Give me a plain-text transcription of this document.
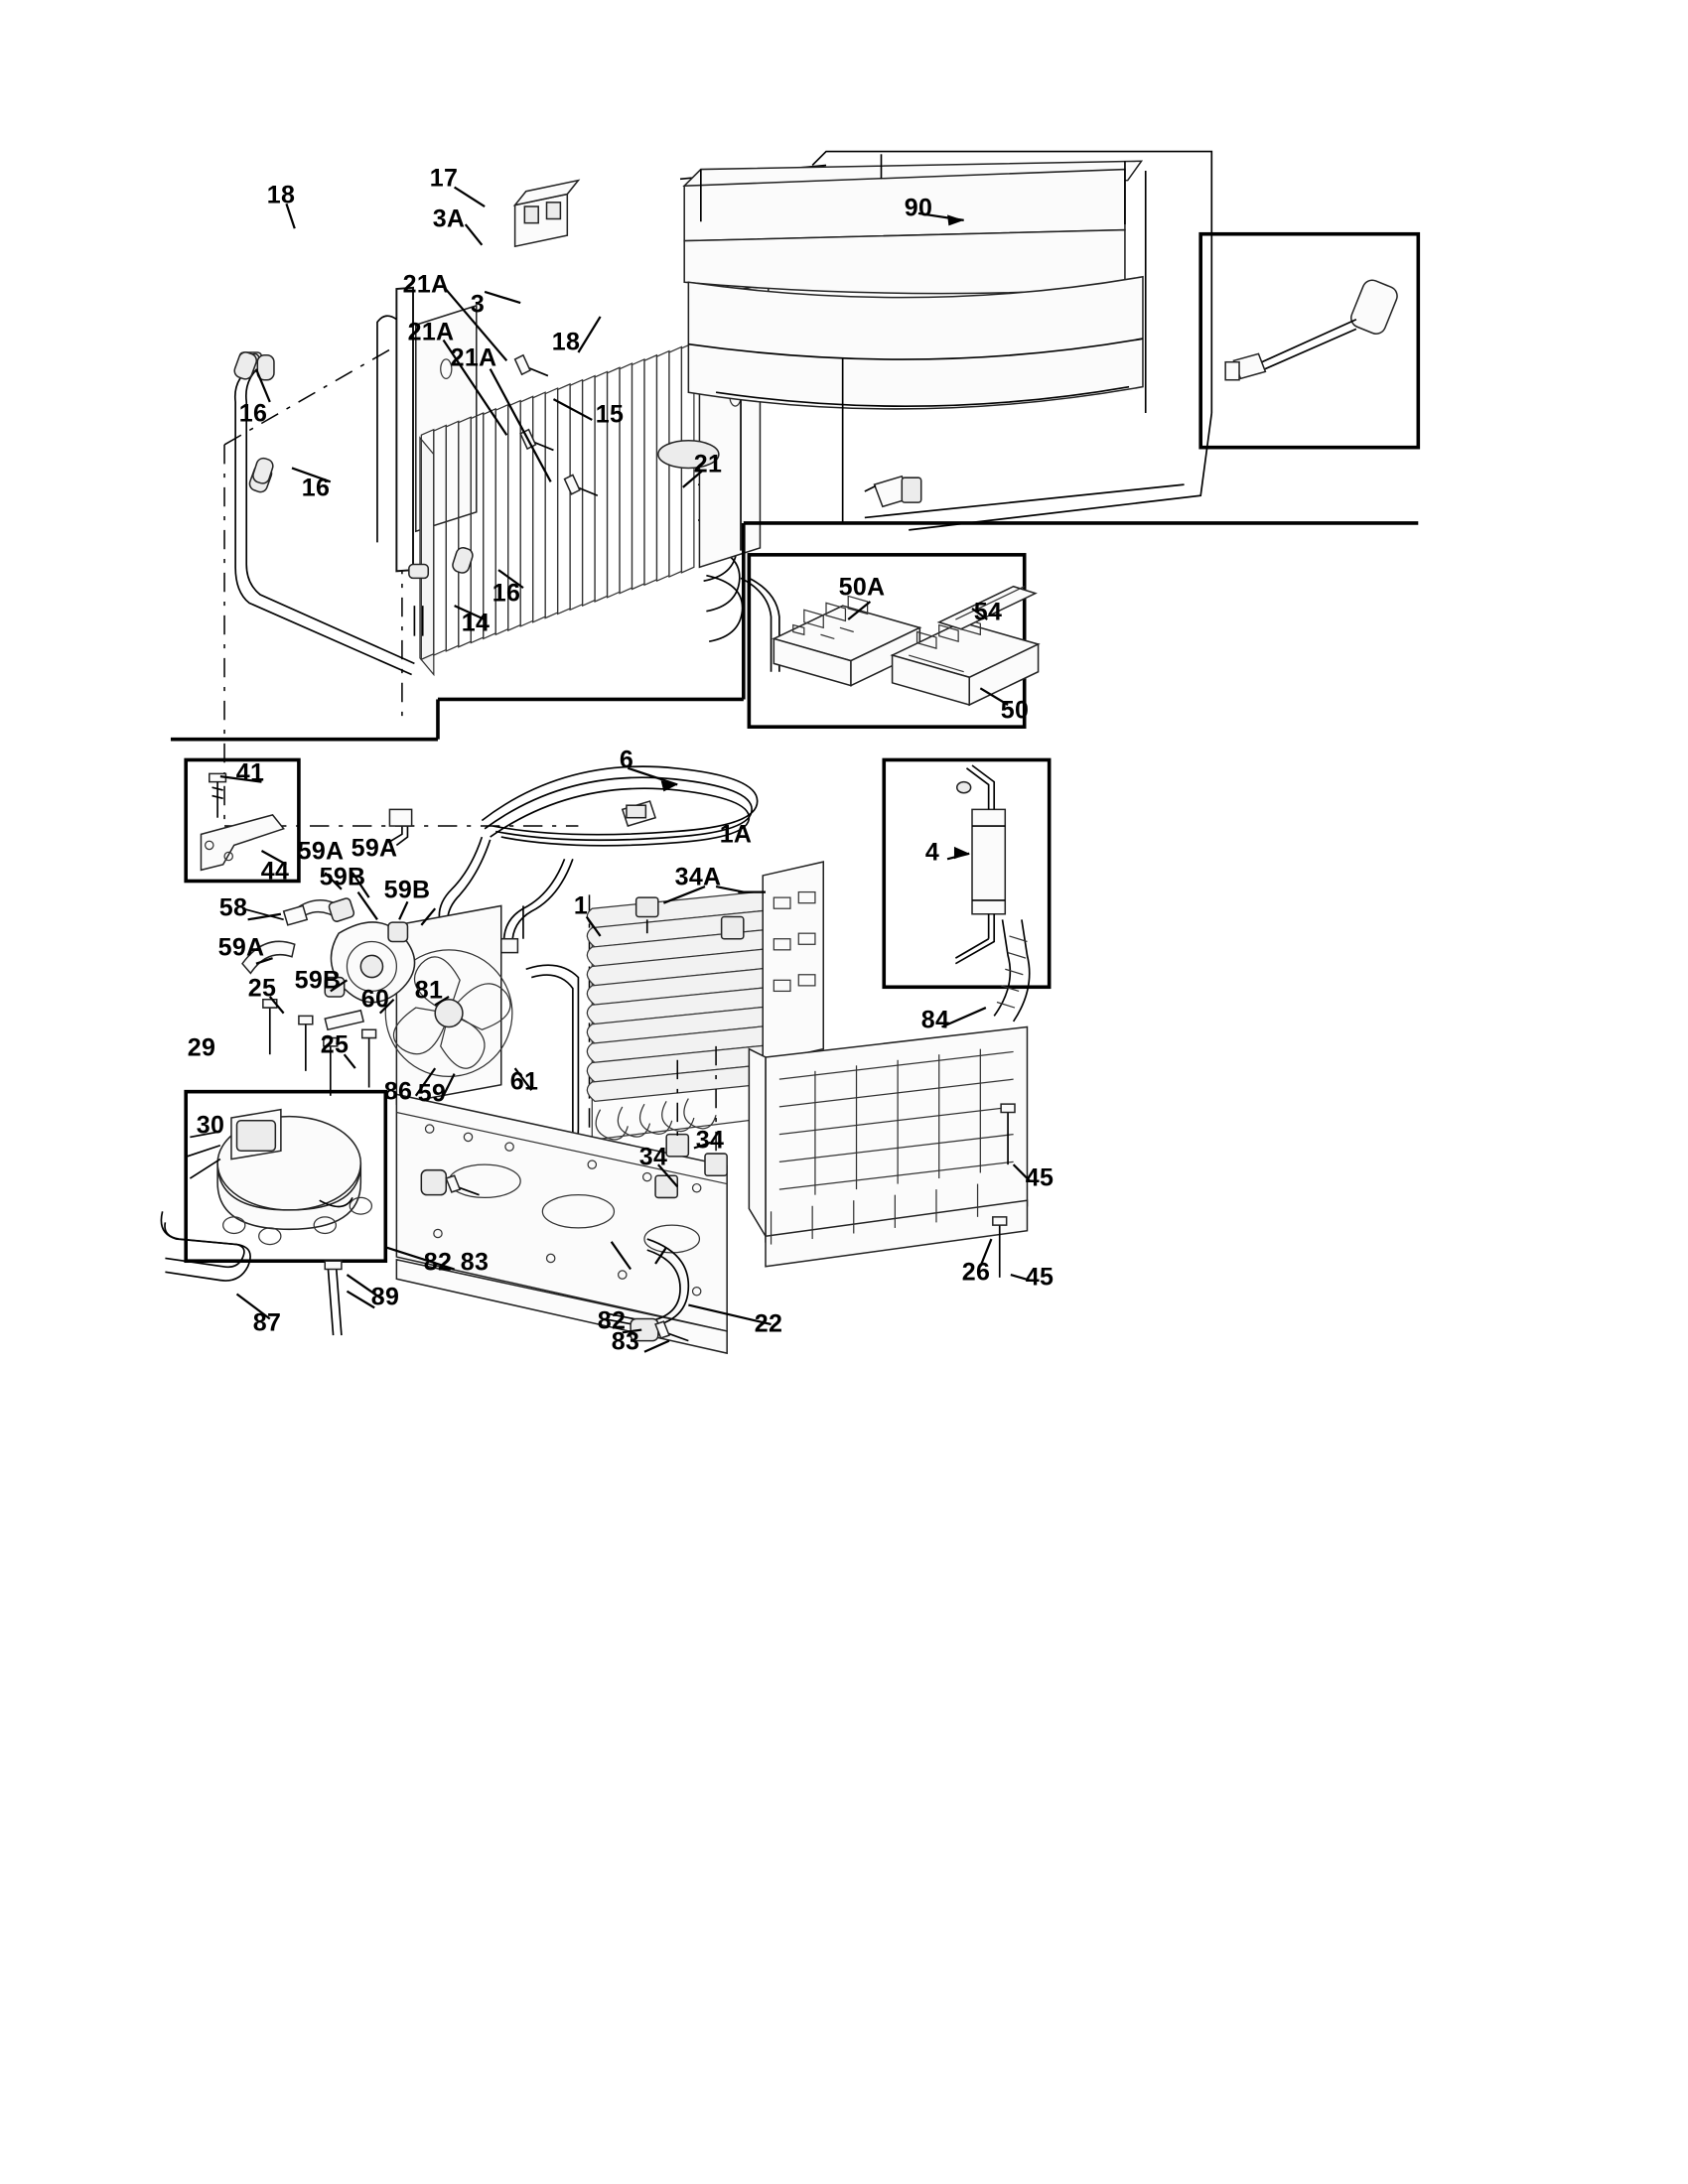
18
17
3A	90
21A
3
21A	18
21A
16	15
16
21
16
14
50A
54
50
41	6
44
1A
59A 59A
34A
4
59B 59B
58	1
59A
59B
25	60 81
84
25
29
86 59	61
30
34
34
45
82 83	26 45
89
82
87	22
83
